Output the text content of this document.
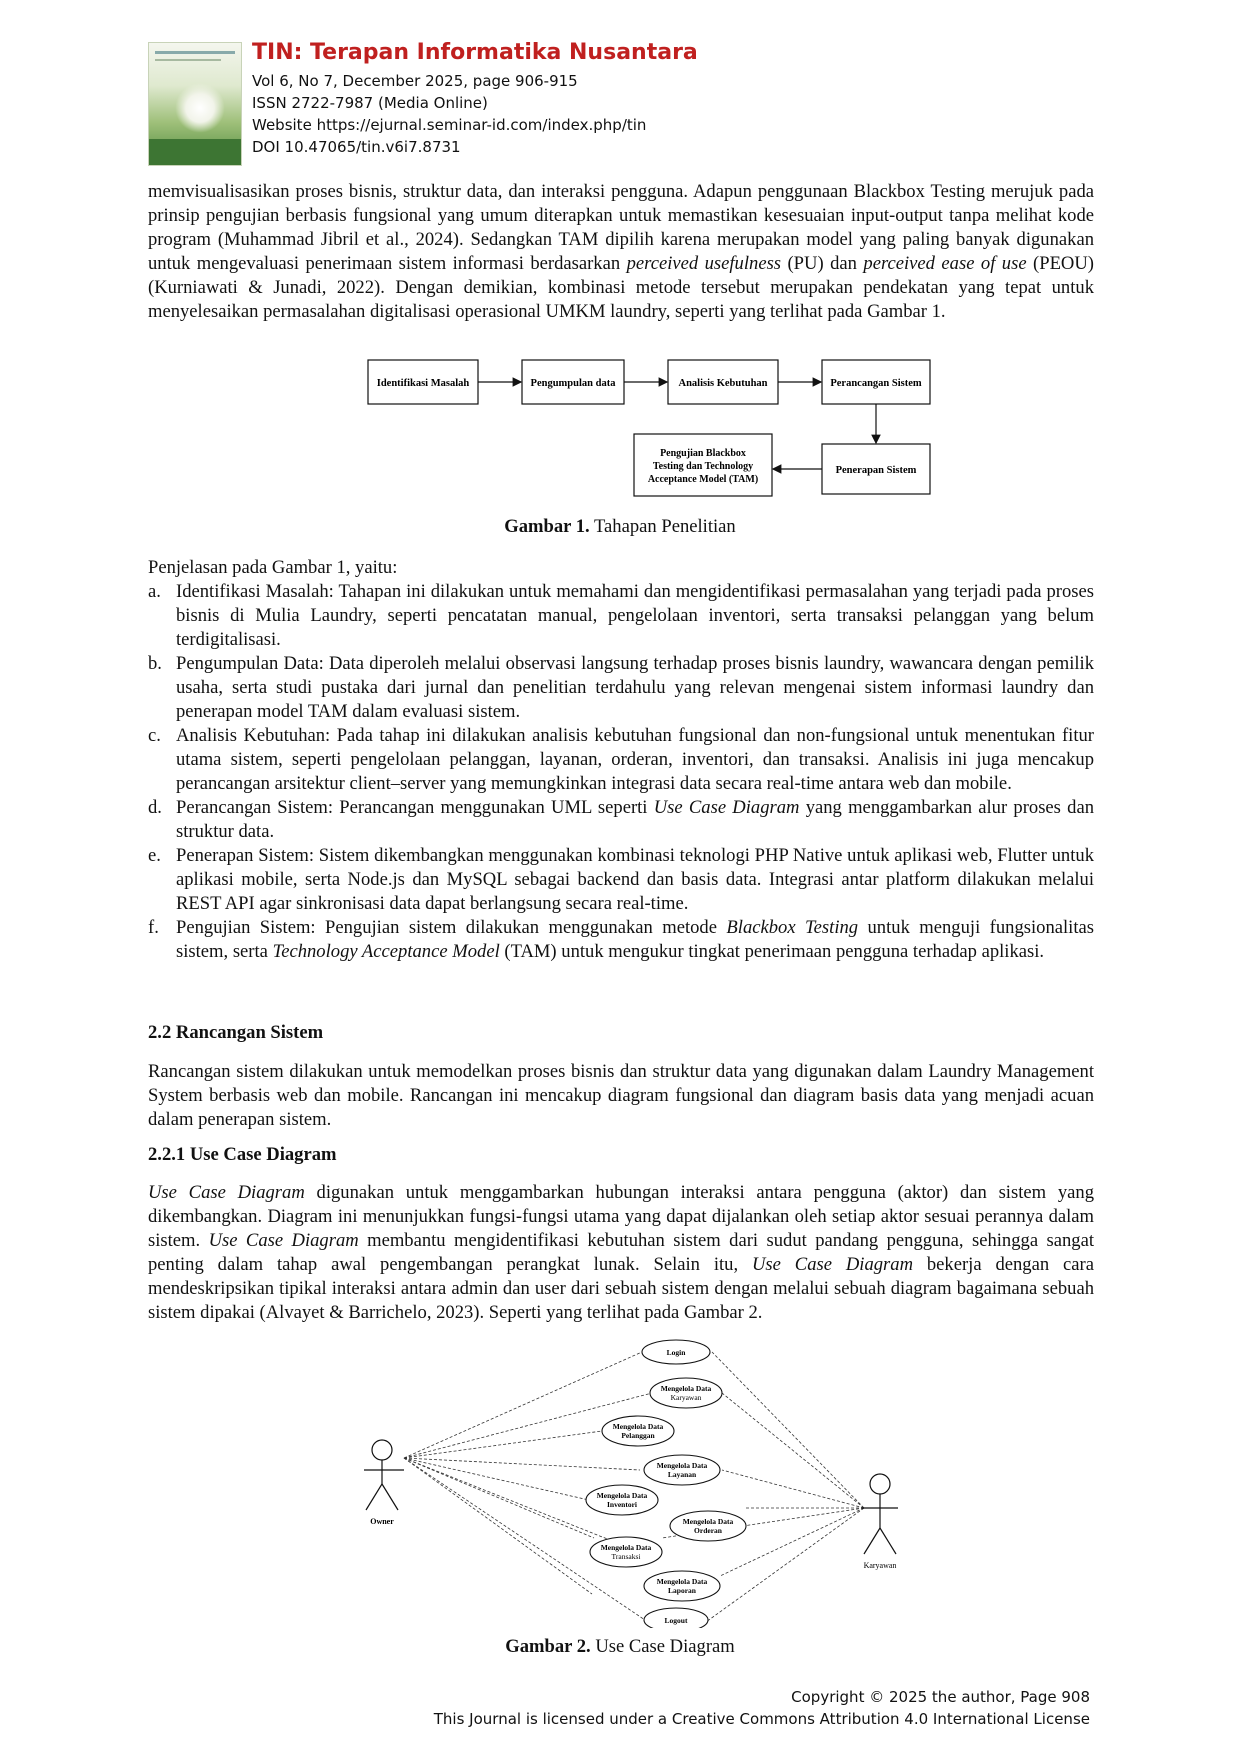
TIN: Terapan Informatika Nusantara
Vol 6, No 7, December 2025, page 906-915
ISSN 2722-7987 (Media Online)
Website https://ejurnal.seminar-id.com/index.php/tin
DOI 10.47065/tin.v6i7.8731

memvisualisasikan proses bisnis, struktur data, dan interaksi pengguna. Adapun penggunaan Blackbox Testing merujuk pada prinsip pengujian berbasis fungsional yang umum diterapkan untuk memastikan kesesuaian input-output tanpa melihat kode program (Muhammad Jibril et al., 2024). Sedangkan TAM dipilih karena merupakan model yang paling banyak digunakan untuk mengevaluasi penerimaan sistem informasi berdasarkan perceived usefulness (PU) dan perceived ease of use (PEOU) (Kurniawati & Junadi, 2022). Dengan demikian, kombinasi metode tersebut merupakan pendekatan yang tepat untuk menyelesaikan permasalahan digitalisasi operasional UMKM laundry, seperti yang terlihat pada Gambar 1.

Identifikasi Masalah	Pengumpulan data	Analisis Kebutuhan	Perancangan Sistem
Penerapan Sistem
Pengujian Blackbox
Testing dan Technology
Acceptance Model (TAM)
Gambar 1. Tahapan Penelitian

Penjelasan pada Gambar 1, yaitu:

a. Identifikasi Masalah: Tahapan ini dilakukan untuk memahami dan mengidentifikasi permasalahan yang terjadi pada proses bisnis di Mulia Laundry, seperti pencatatan manual, pengelolaan inventori, serta transaksi pelanggan yang belum terdigitalisasi.
b. Pengumpulan Data: Data diperoleh melalui observasi langsung terhadap proses bisnis laundry, wawancara dengan pemilik usaha, serta studi pustaka dari jurnal dan penelitian terdahulu yang relevan mengenai sistem informasi laundry dan penerapan model TAM dalam evaluasi sistem.
c. Analisis Kebutuhan: Pada tahap ini dilakukan analisis kebutuhan fungsional dan non-fungsional untuk menentukan fitur utama sistem, seperti pengelolaan pelanggan, layanan, orderan, inventori, dan transaksi. Analisis ini juga mencakup perancangan arsitektur client–server yang memungkinkan integrasi data secara real-time antara web dan mobile.
d. Perancangan Sistem: Perancangan menggunakan UML seperti Use Case Diagram yang menggambarkan alur proses dan struktur data.
e. Penerapan Sistem: Sistem dikembangkan menggunakan kombinasi teknologi PHP Native untuk aplikasi web, Flutter untuk aplikasi mobile, serta Node.js dan MySQL sebagai backend dan basis data. Integrasi antar platform dilakukan melalui REST API agar sinkronisasi data dapat berlangsung secara real-time.
f. Pengujian Sistem: Pengujian sistem dilakukan menggunakan metode Blackbox Testing untuk menguji fungsionalitas sistem, serta Technology Acceptance Model (TAM) untuk mengukur tingkat penerimaan pengguna terhadap aplikasi.
2.2 Rancangan Sistem

Rancangan sistem dilakukan untuk memodelkan proses bisnis dan struktur data yang digunakan dalam Laundry Management System berbasis web dan mobile. Rancangan ini mencakup diagram fungsional dan diagram basis data yang menjadi acuan dalam penerapan sistem.

2.2.1 Use Case Diagram

Use Case Diagram digunakan untuk menggambarkan hubungan interaksi antara pengguna (aktor) dan sistem yang dikembangkan. Diagram ini menunjukkan fungsi-fungsi utama yang dapat dijalankan oleh setiap aktor sesuai perannya dalam sistem. Use Case Diagram membantu mengidentifikasi kebutuhan sistem dari sudut pandang pengguna, sehingga sangat penting dalam tahap awal pengembangan perangkat lunak. Selain itu, Use Case Diagram bekerja dengan cara mendeskripsikan tipikal interaksi antara admin dan user dari sebuah sistem dengan melalui sebuah diagram bagaimana sebuah sistem dipakai (Alvayet & Barrichelo, 2023). Seperti yang terlihat pada Gambar 2.

Owner
Karyawan
Login
Mengelola Data
Karyawan
Mengelola Data
Pelanggan
Mengelola Data
Layanan
Mengelola Data
Inventori
Mengelola Data
Orderan
Mengelola Data
Transaksi
Mengelola Data
Laporan
Logout
Gambar 2. Use Case Diagram
Copyright © 2025 the author, Page 908
This Journal is licensed under a Creative Commons Attribution 4.0 International License
